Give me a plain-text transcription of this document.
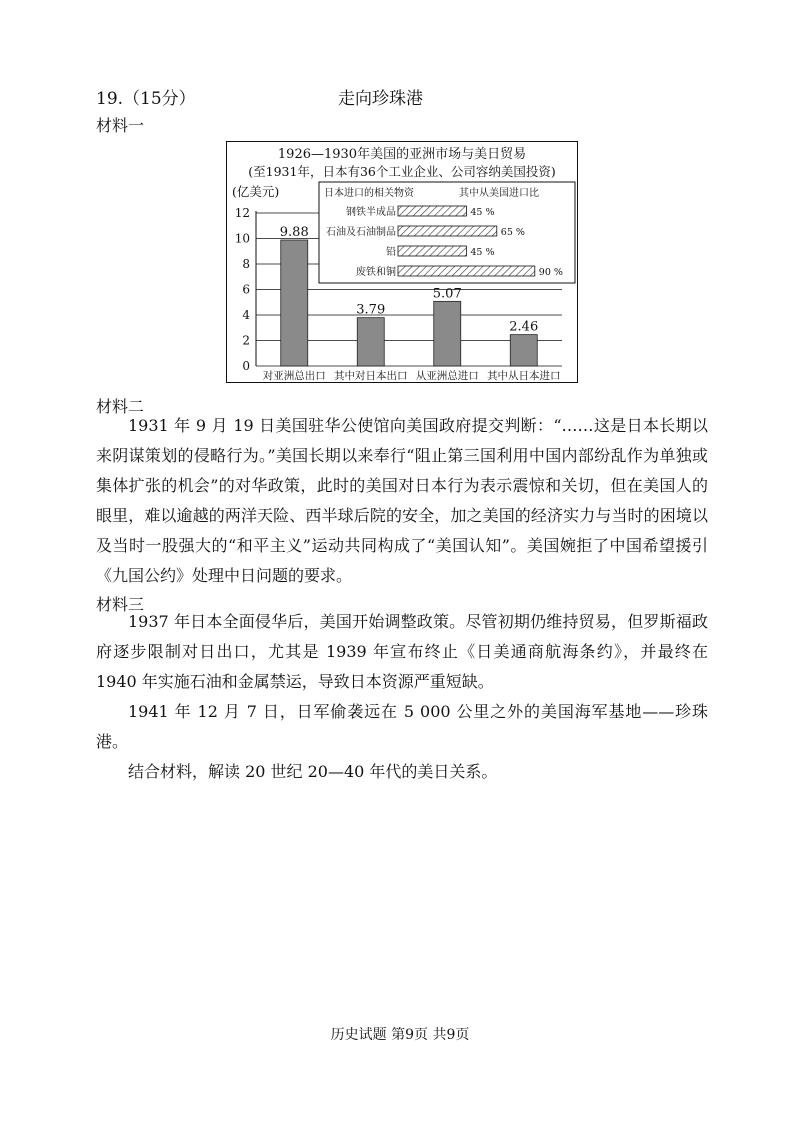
19.（15分）	走向珍珠港
材料一
1926—1930年美国的亚洲市场与美日贸易
(至1931年，日本有36个工业企业、公司容纳美国投资)
(亿美元)
0
2
4
6
8
10
12
9.88
3.79
5.07
2.46
对亚洲总出口 其中对日本出口 从亚洲总进口 其中从日本进口
日本进口的相关物资	其中从美国进口比
钢铁半成品	45 %
石油及石油制品	65 %
铅	45 %
废铁和铜	90 %
材料二

1931 年 9 月 19 日美国驻华公使馆向美国政府提交判断：“……这是日本长期以来阴谋策划的侵略行为。”美国长期以来奉行“阻止第三国利用中国内部纷乱作为单独或集体扩张的机会”的对华政策，此时的美国对日本行为表示震惊和关切，但在美国人的眼里，难以逾越的两洋天险、西半球后院的安全，加之美国的经济实力与当时的困境以及当时一股强大的“和平主义”运动共同构成了“美国认知”。美国婉拒了中国希望援引《九国公约》处理中日问题的要求。

材料三

1937 年日本全面侵华后，美国开始调整政策。尽管初期仍维持贸易，但罗斯福政府逐步限制对日出口，尤其是 1939 年宣布终止《日美通商航海条约》，并最终在 1940 年实施石油和金属禁运，导致日本资源严重短缺。

1941 年 12 月 7 日，日军偷袭远在 5 000 公里之外的美国海军基地——珍珠港。

结合材料，解读 20 世纪 20—40 年代的美日关系。

历史试题 第9页 共9页
